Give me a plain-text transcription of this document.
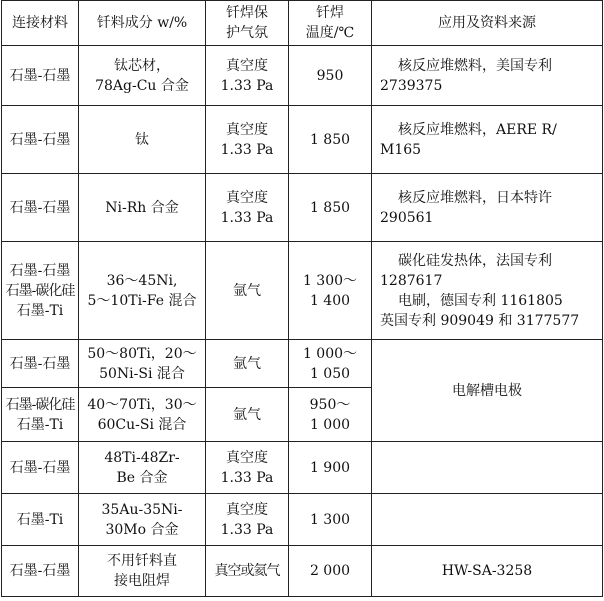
连接材料	钎料成分 w/%	钎焊保
护气氛	钎焊
温度/℃	应用及资料来源

石墨-石墨	钛芯材，
78Ag-Cu 合金	真空度
1.33 Pa	950	核反应堆燃料，美国专利
2739375

石墨-石墨	钛	真空度
1.33 Pa	1 850	核反应堆燃料，AERE R/
M165

石墨-石墨	Ni-Rh 合金	真空度
1.33 Pa	1 850	核反应堆燃料，日本特许
290561

石墨-石墨
石墨-碳化硅
石墨-Ti	36～45Ni,
5～10Ti-Fe 混合	氩气	1 300～
1 400	碳化硅发热体，法国专利
1287617
电刷，德国专利 1161805
英国专利 909049 和 3177577

石墨-石墨	50～80Ti，20～
50Ni-Si 混合	氩气	1 000～
1 050	电解槽电极

石墨-碳化硅
石墨-Ti	40～70Ti，30～
60Cu-Si 混合	氩气	950～
1 000	

石墨-石墨	48Ti-48Zr-
Be 合金	真空度
1.33 Pa	1 900	

石墨-Ti	35Au-35Ni-
30Mo 合金	真空度
1.33 Pa	1 300	

石墨-石墨	不用钎料直
接电阻焊	真空或氦气	2 000	HW-SA-3258
